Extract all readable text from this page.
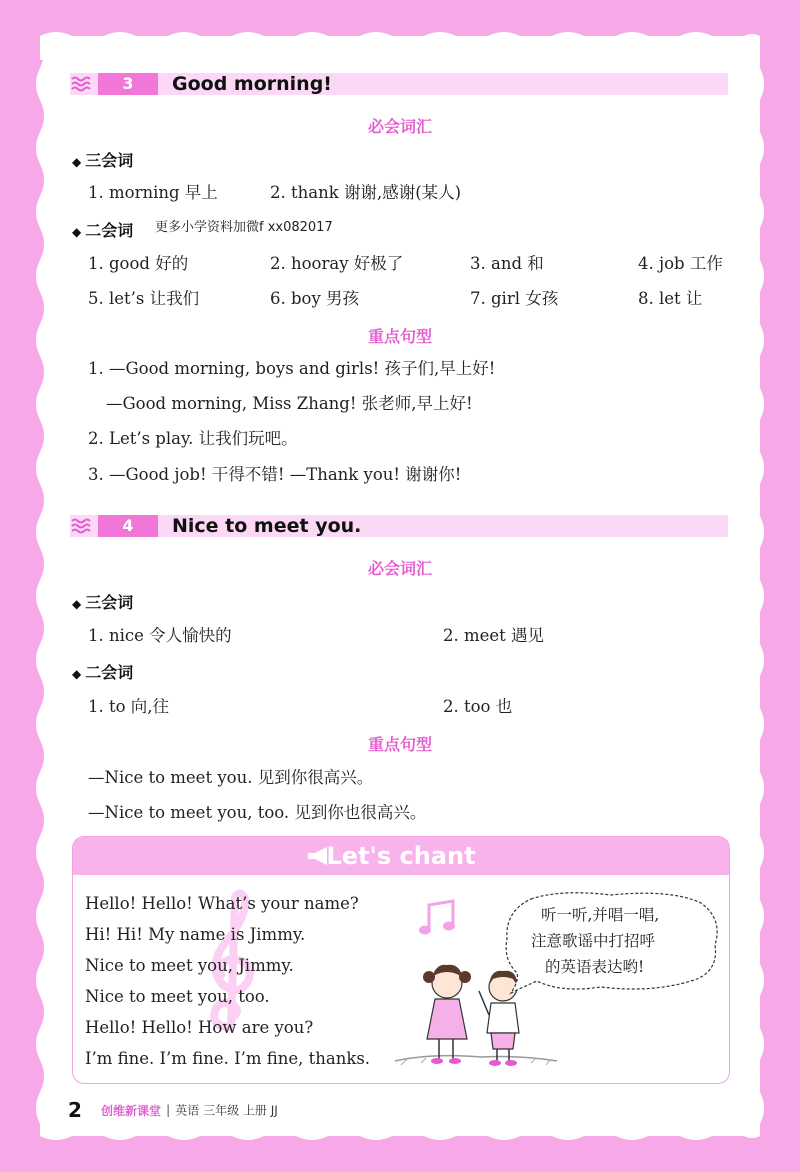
3	Good morning!
必会词汇
◆ 三会词
1. morning 早上	2. thank 谢谢,感谢(某人)
◆ 二会词 更多小学资料加微f xx082017
1. good 好的	2. hooray 好极了	3. and 和	4. job 工作
5. let’s 让我们	6. boy 男孩	7. girl 女孩	8. let 让
重点句型
1. —Good morning, boys and girls! 孩子们,早上好!
—Good morning, Miss Zhang! 张老师,早上好!
2. Let’s play. 让我们玩吧。
3. —Good job! 干得不错! —Thank you! 谢谢你!
4	Nice to meet you.
必会词汇
◆ 三会词
1. nice 令人愉快的	2. meet 遇见
◆ 二会词
1. to 向,往	2. too 也
重点句型
—Nice to meet you. 见到你很高兴。
—Nice to meet you, too. 见到你也很高兴。
Let's chant
Hello! Hello! What’s your name?
Hi! Hi! My name is Jimmy.
Nice to meet you, Jimmy.
Nice to meet you, too.
Hello! Hello! How are you?
I’m fine. I’m fine. I’m fine, thanks.
听一听,并唱一唱,
注意歌谣中打招呼
的英语表达哟!
2 创维新课堂 | 英语 三年级 上册 JJ
